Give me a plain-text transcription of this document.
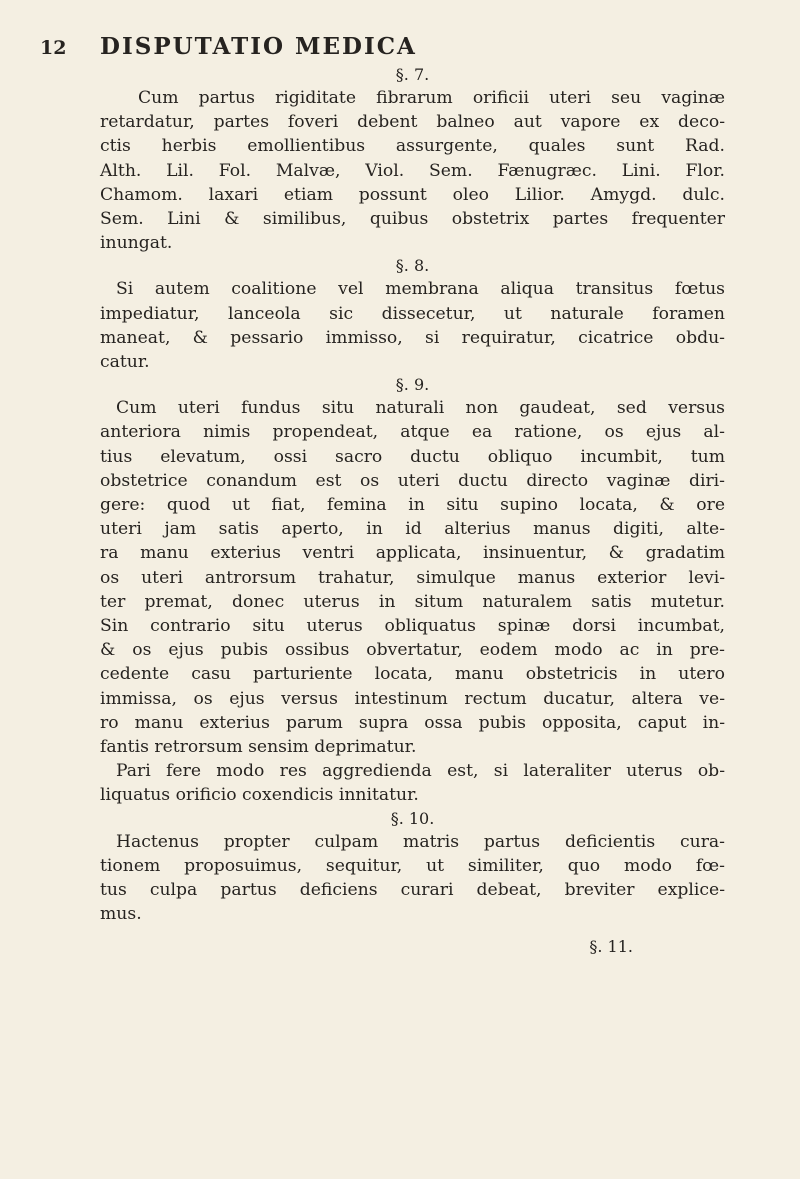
12 DISPUTATIO MEDICA
§. 7.
Cum partus rigiditate fibrarum orificii uteri seu vaginæ
retardatur, partes foveri debent balneo aut vapore ex deco-
ctis herbis emollientibus assurgente, quales sunt Rad.
Alth. Lil. Fol. Malvæ, Viol. Sem. Fænugræc. Lini. Flor.
Chamom. laxari etiam possunt oleo Lilior. Amygd. dulc.
Sem. Lini & similibus, quibus obstetrix partes frequenter
inungat.
§. 8.
Si autem coalitione vel membrana aliqua transitus fœtus
impediatur, lanceola sic dissecetur, ut naturale foramen
maneat, & pessario immisso, si requiratur, cicatrice obdu-
catur.
§. 9.
Cum uteri fundus situ naturali non gaudeat, sed versus
anteriora nimis propendeat, atque ea ratione, os ejus al-
tius elevatum, ossi sacro ductu obliquo incumbit, tum
obstetrice conandum est os uteri ductu directo vaginæ diri-
gere: quod ut fiat, femina in situ supino locata, & ore
uteri jam satis aperto, in id alterius manus digiti, alte-
ra manu exterius ventri applicata, insinuentur, & gradatim
os uteri antrorsum trahatur, simulque manus exterior levi-
ter premat, donec uterus in situm naturalem satis mutetur.
Sin contrario situ uterus obliquatus spinæ dorsi incumbat,
& os ejus pubis ossibus obvertatur, eodem modo ac in pre-
cedente casu parturiente locata, manu obstetricis in utero
immissa, os ejus versus intestinum rectum ducatur, altera ve-
ro manu exterius parum supra ossa pubis opposita, caput in-
fantis retrorsum sensim deprimatur.
Pari fere modo res aggredienda est, si lateraliter uterus ob-
liquatus orificio coxendicis innitatur.
§. 10.
Hactenus propter culpam matris partus deficientis cura-
tionem proposuimus, sequitur, ut similiter, quo modo fœ-
tus culpa partus deficiens curari debeat, breviter explice-
mus.
§. 11.
